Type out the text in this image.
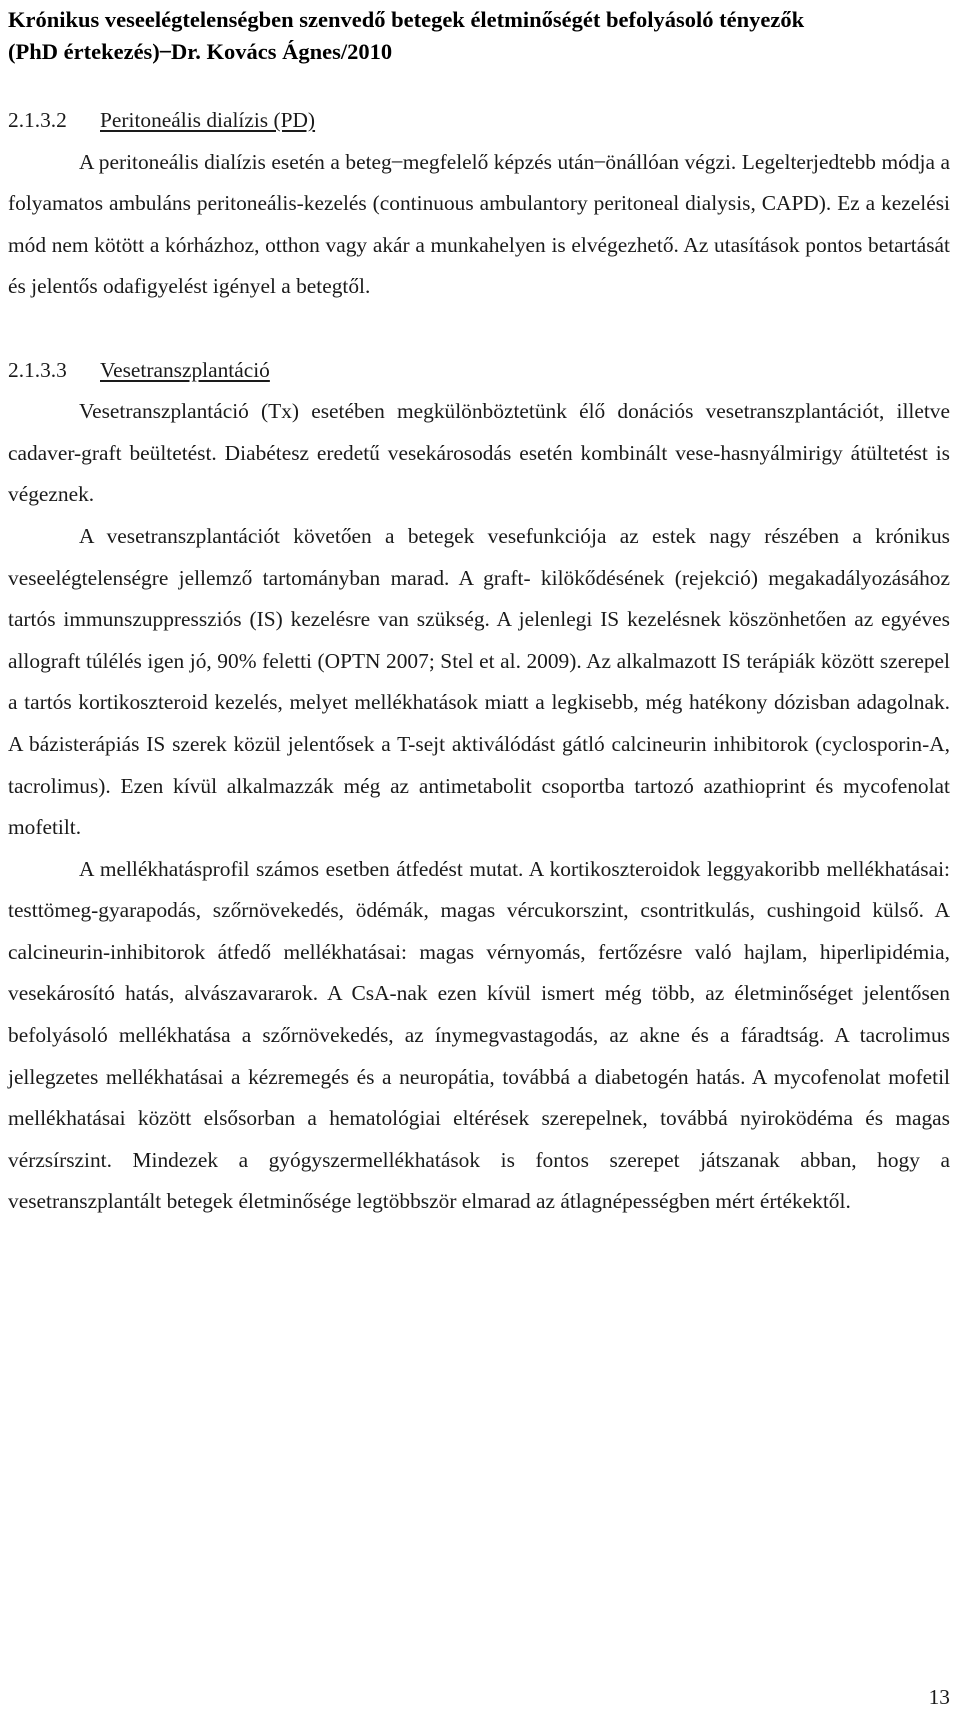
Krónikus veseelégtelenségben szenvedő betegek életminőségét befolyásoló tényezők
(PhD értekezés) ̶ Dr. Kovács Ágnes/2010
2.1.3.2 Peritoneális dialízis (PD)

A peritoneális dialízis esetén a beteg ̶ megfelelő képzés után ̶ önállóan végzi. Legelterjedtebb módja a folyamatos ambuláns peritoneális-kezelés (continuous ambulantory peritoneal dialysis, CAPD). Ez a kezelési mód nem kötött a kórházhoz, otthon vagy akár a munkahelyen is elvégezhető. Az utasítások pontos betartását és jelentős odafigyelést igényel a betegtől.

2.1.3.3 Vesetranszplantáció

Vesetranszplantáció (Tx) esetében megkülönböztetünk élő donációs vesetranszplantációt, illetve cadaver-graft beültetést. Diabétesz eredetű vesekárosodás esetén kombinált vese-hasnyálmirigy átültetést is végeznek.

A vesetranszplantációt követően a betegek vesefunkciója az estek nagy részében a krónikus veseelégtelenségre jellemző tartományban marad. A graft- kilökődésének (rejekció) megakadályozásához tartós immunszuppressziós (IS) kezelésre van szükség. A jelenlegi IS kezelésnek köszönhetően az egyéves allograft túlélés igen jó, 90% feletti (OPTN 2007; Stel et al. 2009). Az alkalmazott IS terápiák között szerepel a tartós kortikoszteroid kezelés, melyet mellékhatások miatt a legkisebb, még hatékony dózisban adagolnak. A bázisterápiás IS szerek közül jelentősek a T-sejt aktiválódást gátló calcineurin inhibitorok (cyclosporin-A, tacrolimus). Ezen kívül alkalmazzák még az antimetabolit csoportba tartozó azathioprint és mycofenolat mofetilt.

A mellékhatásprofil számos esetben átfedést mutat. A kortikoszteroidok leggyakoribb mellékhatásai: testtömeg-gyarapodás, szőrnövekedés, ödémák, magas vércukorszint, csontritkulás, cushingoid külső. A calcineurin-inhibitorok átfedő mellékhatásai: magas vérnyomás, fertőzésre való hajlam, hiperlipidémia, vesekárosító hatás, alvászavararok. A CsA-nak ezen kívül ismert még több, az életminőséget jelentősen befolyásoló mellékhatása a szőrnövekedés, az ínymegvastagodás, az akne és a fáradtság. A tacrolimus jellegzetes mellékhatásai a kézremegés és a neuropátia, továbbá a diabetogén hatás. A mycofenolat mofetil mellékhatásai között elsősorban a hematológiai eltérések szerepelnek, továbbá nyiroködéma és magas vérzsírszint. Mindezek a gyógyszermellékhatások is fontos szerepet játszanak abban, hogy a vesetranszplantált betegek életminősége legtöbbször elmarad az átlagnépességben mért értékektől.

13
